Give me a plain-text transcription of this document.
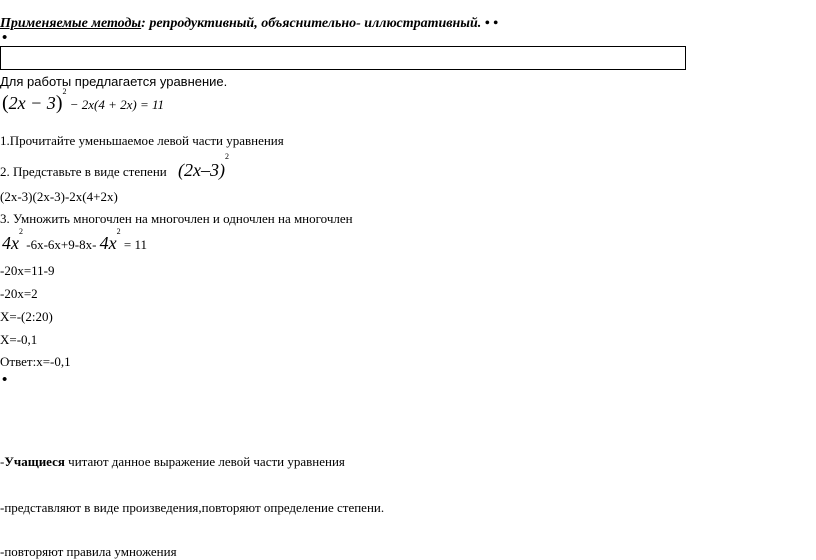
Применяемые методы: репродуктивный, объяснительно- иллюстративный. • •
•
Для работы предлагается уравнение.
$(2x - 3)^2 - 2x(4 + 2x) = 11$
1.Прочитайте уменьшаемое левой части уравнения
2. Представьте в виде степени $(2x-3)^2$
(2x-3)(2x-3)-2x(4+2x)
3. Умножить многочлен на многочлен и одночлен на многочлен
$4x^2$ -6x-6x+9-8x- $4x^2 = 11$
-20x=11-9
-20x=2
X=-(2:20)
X=-0,1
Ответ:х=-0,1
•
-Учащиеся читают данное выражение левой части уравнения
-представляют в виде произведения,повторяют определение степени.
-повторяют правила умножения
